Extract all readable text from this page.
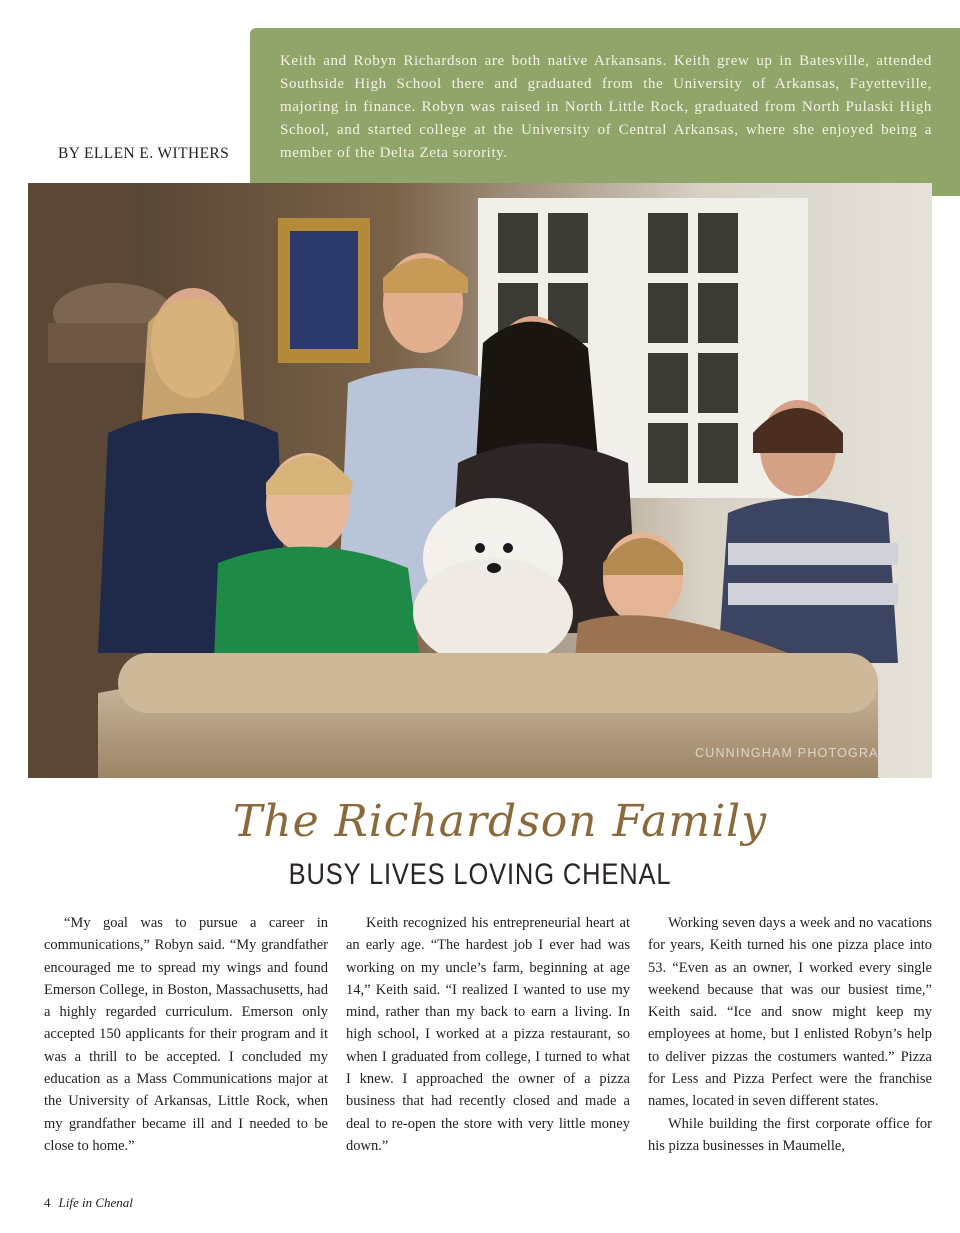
Keith and Robyn Richardson are both native Arkansans. Keith grew up in Batesville, attended Southside High School there and graduated from the University of Arkansas, Fayetteville, majoring in finance. Robyn was raised in North Little Rock, graduated from North Pulaski High School, and started college at the University of Central Arkansas, where she enjoyed being a member of the Delta Zeta sorority.

BY ELLEN E. WITHERS
CUNNINGHAM PHOTOGRAPHY
The Richardson Family
BUSY LIVES LOVING CHENAL

“My goal was to pursue a career in communications,” Robyn said. “My grandfather encouraged me to spread my wings and found Emerson College, in Boston, Massachusetts, had a highly regarded curriculum. Emerson only accepted 150 applicants for their program and it was a thrill to be accepted. I concluded my education as a Mass Communications major at the University of Arkansas, Little Rock, when my grandfather became ill and I needed to be close to home.”

Keith recognized his entrepreneurial heart at an early age. “The hardest job I ever had was working on my uncle’s farm, beginning at age 14,” Keith said. “I realized I wanted to use my mind, rather than my back to earn a living. In high school, I worked at a pizza restaurant, so when I graduated from college, I turned to what I knew. I approached the owner of a pizza business that had recently closed and made a deal to re-open the store with very little money down.”

Working seven days a week and no vacations for years, Keith turned his one pizza place into 53. “Even as an owner, I worked every single weekend because that was our busiest time,” Keith said. “Ice and snow might keep my employees at home, but I enlisted Robyn’s help to deliver pizzas the costumers wanted.” Pizza for Less and Pizza Perfect were the franchise names, located in seven different states.

While building the first corporate office for his pizza businesses in Maumelle,

4 Life in Chenal
